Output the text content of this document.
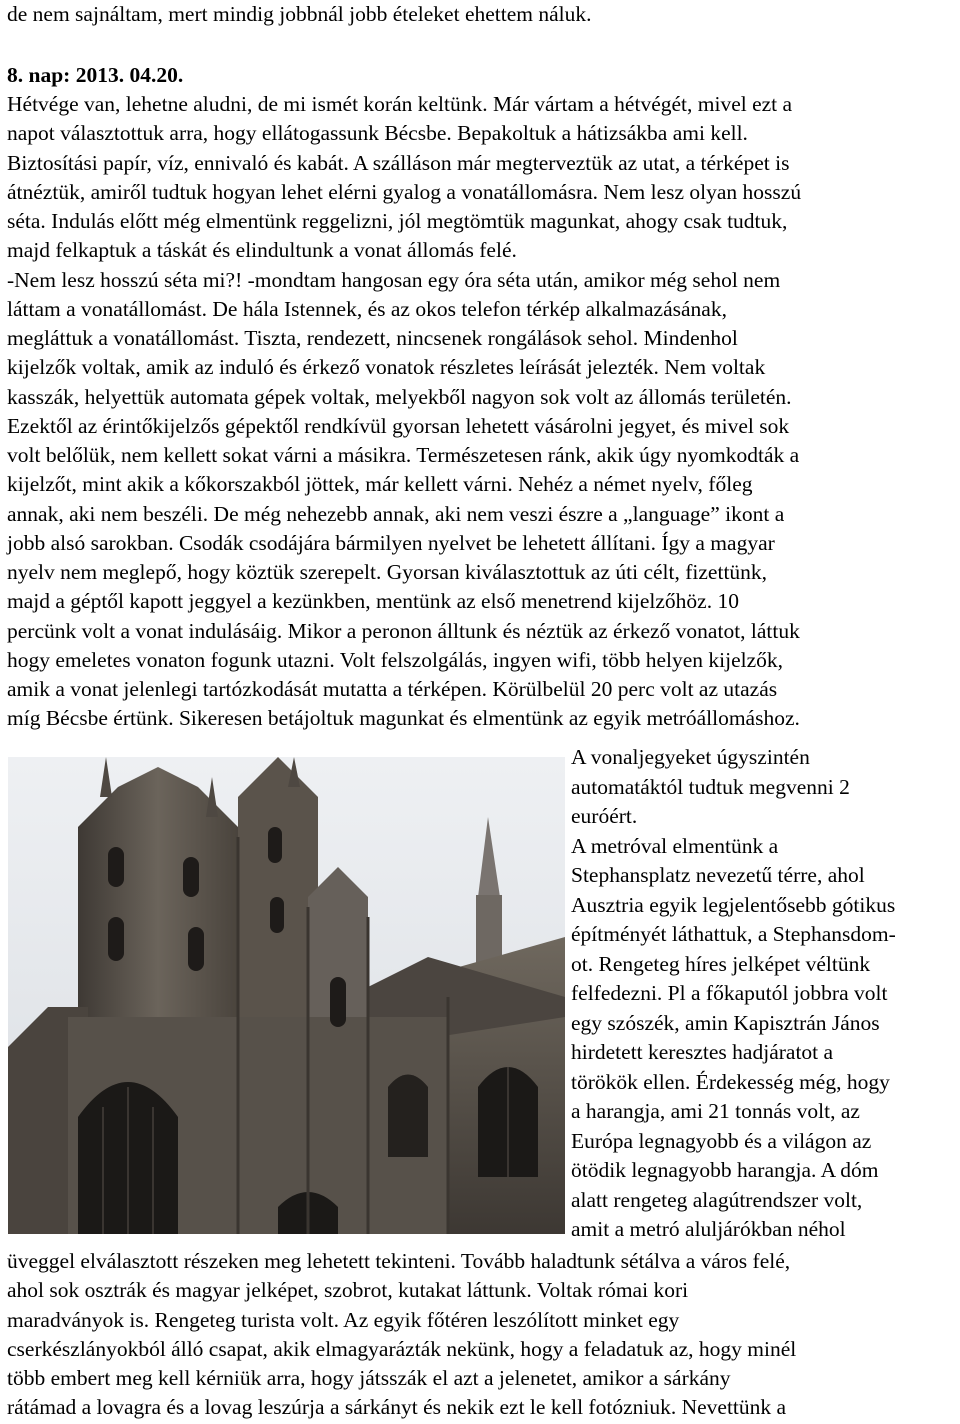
de nem sajnáltam, mert mindig jobbnál jobb ételeket ehettem náluk.
8. nap: 2013. 04.20.
Hétvége van, lehetne aludni, de mi ismét korán keltünk. Már vártam a hétvégét, mivel ezt a
napot választottuk arra, hogy ellátogassunk Bécsbe. Bepakoltuk a hátizsákba ami kell.
Biztosítási papír, víz, ennivaló és kabát. A szálláson már megterveztük az utat, a térképet is
átnéztük, amiről tudtuk hogyan lehet elérni gyalog a vonatállomásra. Nem lesz olyan hosszú
séta. Indulás előtt még elmentünk reggelizni, jól megtömtük magunkat, ahogy csak tudtuk,
majd felkaptuk a táskát és elindultunk a vonat állomás felé.
-Nem lesz hosszú séta mi?! -mondtam hangosan egy óra séta után, amikor még sehol nem
láttam a vonatállomást. De hála Istennek, és az okos telefon térkép alkalmazásának,
megláttuk a vonatállomást. Tiszta, rendezett, nincsenek rongálások sehol. Mindenhol
kijelzők voltak, amik az induló és érkező vonatok részletes leírását jelezték. Nem voltak
kasszák, helyettük automata gépek voltak, melyekből nagyon sok volt az állomás területén.
Ezektől az érintőkijelzős gépektől rendkívül gyorsan lehetett vásárolni jegyet, és mivel sok
volt belőlük, nem kellett sokat várni a másikra. Természetesen ránk, akik úgy nyomkodták a
kijelzőt, mint akik a kőkorszakból jöttek, már kellett várni. Nehéz a német nyelv, főleg
annak, aki nem beszéli. De még nehezebb annak, aki nem veszi észre a „language” ikont a
jobb alsó sarokban. Csodák csodájára bármilyen nyelvet be lehetett állítani. Így a magyar
nyelv nem meglepő, hogy köztük szerepelt. Gyorsan kiválasztottuk az úti célt, fizettünk,
majd a géptől kapott jeggyel a kezünkben, mentünk az első menetrend kijelzőhöz. 10
percünk volt a vonat indulásáig. Mikor a peronon álltunk és néztük az érkező vonatot, láttuk
hogy emeletes vonaton fogunk utazni. Volt felszolgálás, ingyen wifi, több helyen kijelzők,
amik a vonat jelenlegi tartózkodását mutatta a térképen. Körülbelül 20 perc volt az utazás
míg Bécsbe értünk. Sikeresen betájoltuk magunkat és elmentünk az egyik metróállomáshoz.
A vonaljegyeket úgyszintén
automatáktól tudtuk megvenni 2
euróért.
A metróval elmentünk a
Stephansplatz nevezetű térre, ahol
Ausztria egyik legjelentősebb gótikus
építményét láthattuk, a Stephansdom-
ot. Rengeteg híres jelképet véltünk
felfedezni. Pl a főkaputól jobbra volt
egy szószék, amin Kapisztrán János
hirdetett keresztes hadjáratot a
törökök ellen. Érdekesség még, hogy
a harangja, ami 21 tonnás volt, az
Európa legnagyobb és a világon az
ötödik legnagyobb harangja. A dóm
alatt rengeteg alagútrendszer volt,
amit a metró aluljárókban néhol
üveggel elválasztott részeken meg lehetett tekinteni. Tovább haladtunk sétálva a város felé,
ahol sok osztrák és magyar jelképet, szobrot, kutakat láttunk. Voltak római kori
maradványok is. Rengeteg turista volt. Az egyik főtéren leszólított minket egy
cserkészlányokból álló csapat, akik elmagyarázták nekünk, hogy a feladatuk az, hogy minél
több embert meg kell kérniük arra, hogy játsszák el azt a jelenetet, amikor a sárkány
rátámad a lovagra és a lovag leszúrja a sárkányt és nekik ezt le kell fotózniuk. Nevettünk a
